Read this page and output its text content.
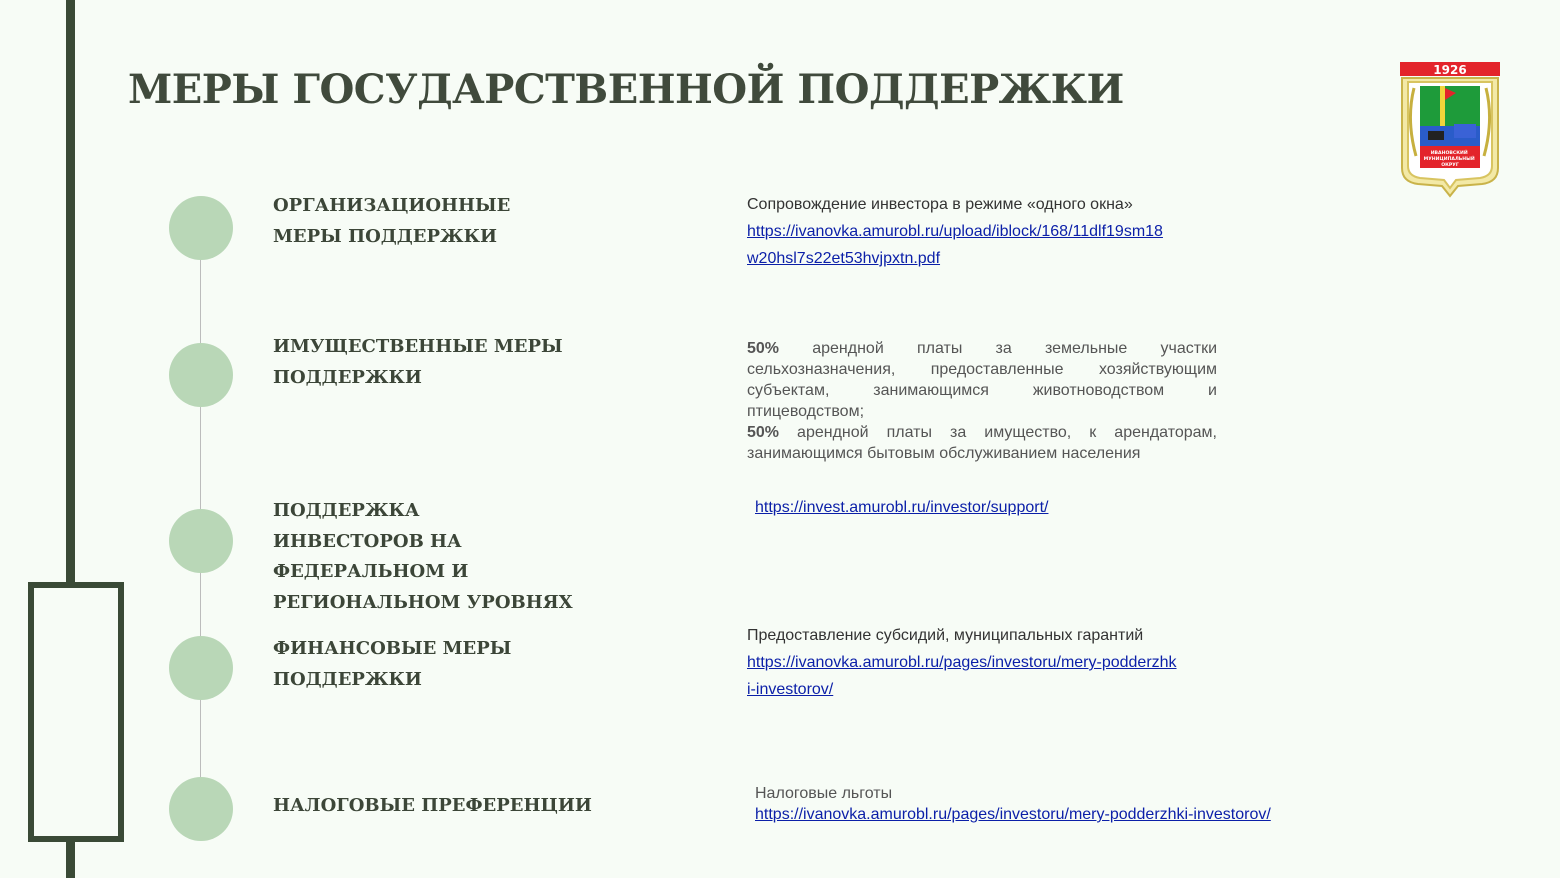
МЕРЫ ГОСУДАРСТВЕННОЙ ПОДДЕРЖКИ	1926
ИВАНОВСКИЙ МУНИЦИПАЛЬНЫЙ ОКРУГ

ОРГАНИЗАЦИОННЫЕ МЕРЫ ПОДДЕРЖКИ

Сопровождение инвестора в режиме «одного окна»
https://ivanovka.amurobl.ru/upload/iblock/168/11dlf19sm18w20hsl7s22et53hvjpxtn.pdf

ИМУЩЕСТВЕННЫЕ МЕРЫ ПОДДЕРЖКИ

50% арендной платы за земельные участки сельхозназначения, предоставленные хозяйствующим субъектам, занимающимся животноводством и птицеводством;
50% арендной платы за имущество, к арендаторам, занимающимся бытовым обслуживанием населения

ПОДДЕРЖКА ИНВЕСТОРОВ НА ФЕДЕРАЛЬНОМ И РЕГИОНАЛЬНОМ УРОВНЯХ

https://invest.amurobl.ru/investor/support/

ФИНАНСОВЫЕ МЕРЫ ПОДДЕРЖКИ

Предоставление субсидий, муниципальных гарантий
https://ivanovka.amurobl.ru/pages/investoru/mery-podderzhki-investorov/

НАЛОГОВЫЕ ПРЕФЕРЕНЦИИ

Налоговые льготы
https://ivanovka.amurobl.ru/pages/investoru/mery-podderzhki-investorov/
